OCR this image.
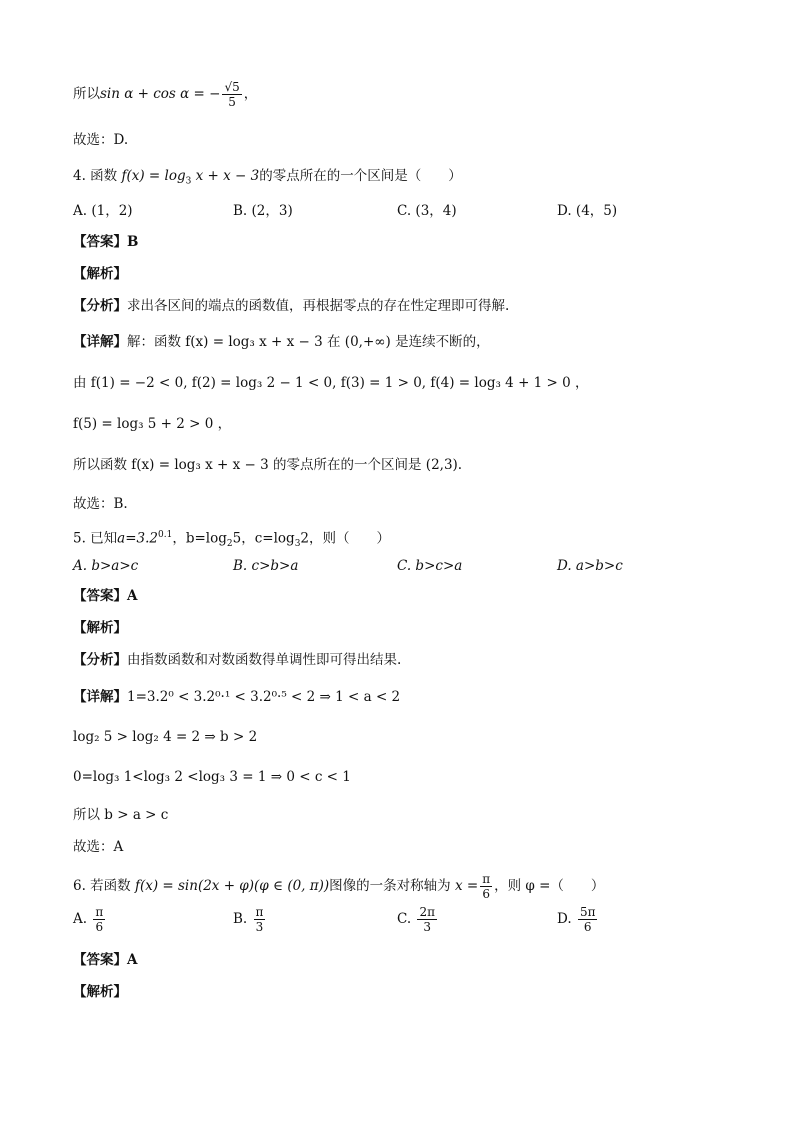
所以sin α + cos α = − $\frac{√5}{5}$ ，
故选：D.
4. 函数 $f(x) = \log_3 x + x - 3$的零点所在的一个区间是（　　）
A. (1，2)	B. (2，3)	C. (3，4)	D. (4，5)
【答案】B
【解析】
【分析】求出各区间的端点的函数值，再根据零点的存在性定理即可得解.
【详解】解：函数 f(x) = log₃ x + x − 3 在 (0,+∞) 是连续不断的，
由 f(1) = −2 < 0, f(2) = log₃ 2 − 1 < 0, f(3) = 1 > 0, f(4) = log₃ 4 + 1 > 0 ，
f(5) = log₃ 5 + 2 > 0 ，
所以函数 f(x) = log₃ x + x − 3 的零点所在的一个区间是 (2,3).
故选：B.
5. 已知$a=3.2^{0.1}$，$b=\log_25$，$c=\log_32$，则（　　）
A. b>a>c	B. c>b>a	C. b>c>a	D. a>b>c
【答案】A
【解析】
【分析】由指数函数和对数函数得单调性即可得出结果.
【详解】1=3.2⁰ < 3.2⁰·¹ < 3.2⁰·⁵ < 2 ⇒ 1 < a < 2
log₂ 5 > log₂ 4 = 2 ⇒ b > 2
0=log₃ 1<log₃ 2 <log₃ 3 = 1 ⇒ 0 < c < 1
所以 b > a > c
故选：A
6. 若函数 f(x) = sin(2x + φ)(φ ∈ (0, π))图像的一条对称轴为 $x = \frac{\pi}{6}$ ，则 φ =（　　）
A. $\frac{\pi}{6}$	B. $\frac{\pi}{3}$	C. $\frac{2\pi}{3}$	D. $\frac{5\pi}{6}$
【答案】A
【解析】
